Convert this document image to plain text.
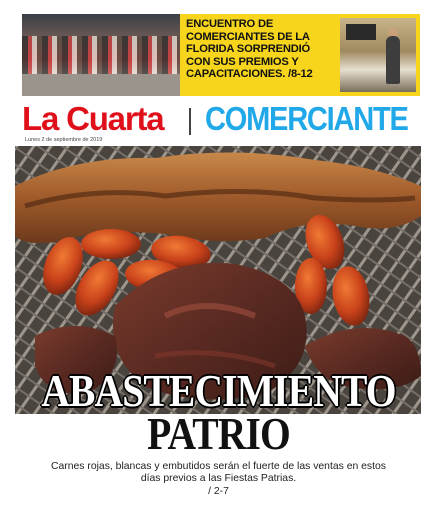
ENCUENTRO DE COMERCIANTES DE LA FLORIDA SORPRENDIÓ CON SUS PREMIOS Y CAPACITACIONES. /8-12
La Cuarta COMERCIANTE
Lunes 2 de septiembre de 2019
ABASTECIMIENTO
PATRIO
Carnes rojas, blancas y embutidos serán el fuerte de las ventas en estos días previos a las Fiestas Patrias.
/ 2-7
